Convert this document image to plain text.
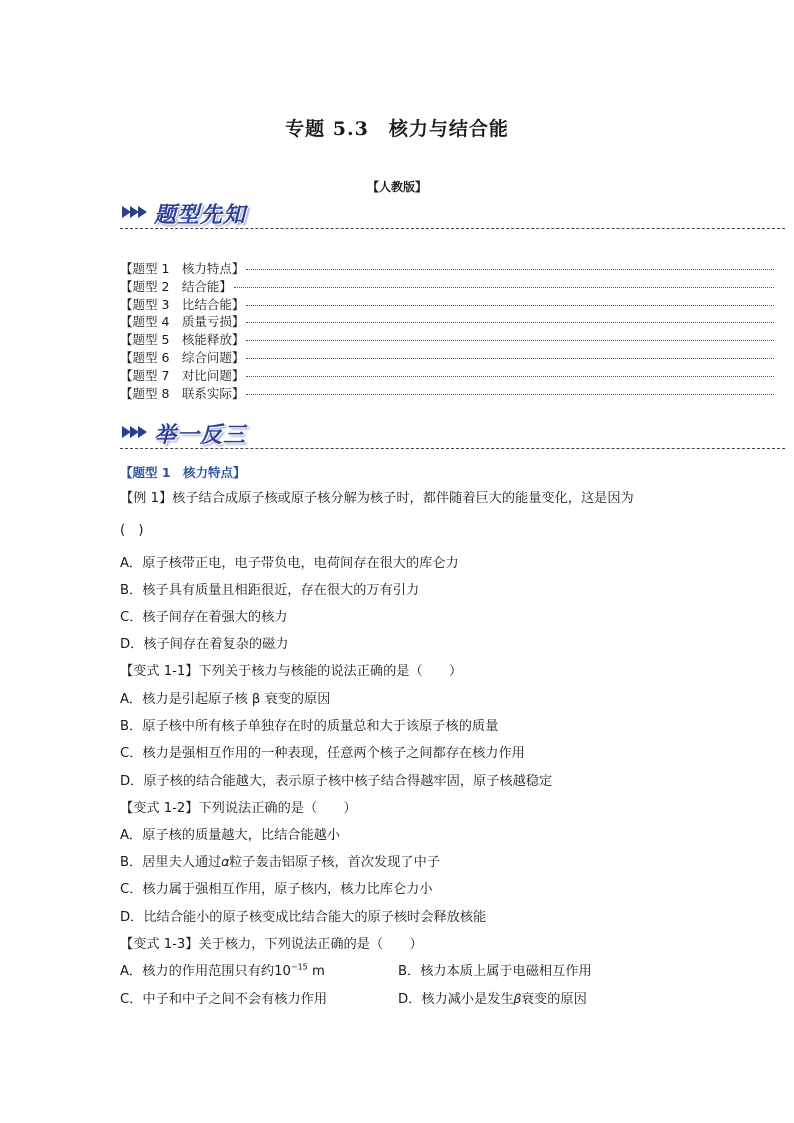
专题 5.3　核力与结合能
【人教版】
题型先知
【题型 1　核力特点】
【题型 2　结合能】
【题型 3　比结合能】
【题型 4　质量亏损】
【题型 5　核能释放】
【题型 6　综合问题】
【题型 7　对比问题】
【题型 8　联系实际】
举一反三
【题型 1　核力特点】
【例 1】核子结合成原子核或原子核分解为核子时，都伴随着巨大的能量变化，这是因为
(　)
A．原子核带正电，电子带负电，电荷间存在很大的库仑力
B．核子具有质量且相距很近，存在很大的万有引力
C．核子间存在着强大的核力
D．核子间存在着复杂的磁力
【变式 1-1】下列关于核力与核能的说法正确的是（　　）
A．核力是引起原子核 β 衰变的原因
B．原子核中所有核子单独存在时的质量总和大于该原子核的质量
C．核力是强相互作用的一种表现，任意两个核子之间都存在核力作用
D．原子核的结合能越大，表示原子核中核子结合得越牢固，原子核越稳定
【变式 1-2】下列说法正确的是（　　）
A．原子核的质量越大，比结合能越小
B．居里夫人通过𝛼粒子轰击铝原子核，首次发现了中子
C．核力属于强相互作用，原子核内，核力比库仑力小
D．比结合能小的原子核变成比结合能大的原子核时会释放核能
【变式 1-3】关于核力，下列说法正确的是（　　）
A．核力的作用范围只有约$10^{-15}$ m	B．核力本质上属于电磁相互作用
C．中子和中子之间不会有核力作用	D．核力减小是发生𝛽衰变的原因
